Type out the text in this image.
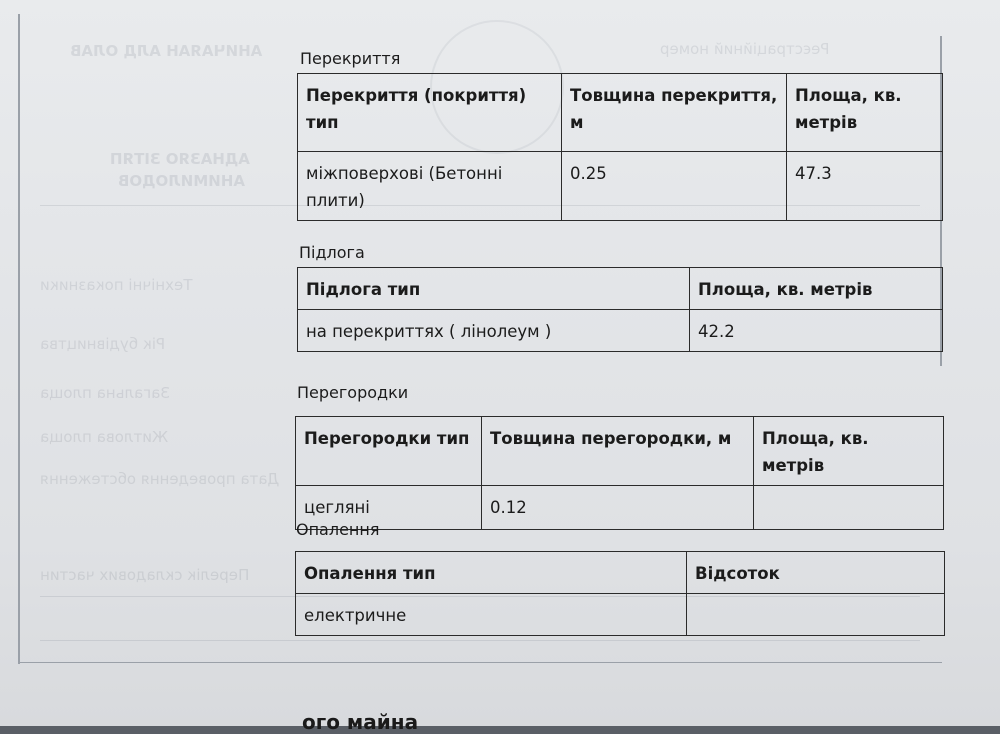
АНИЧАЯАН АЛД ОЛАВ	Реєстраційний номер
АДНАЗЯО ЗІТЯП
АНИМИЛОДОВ
Технічні показники
Рік будівництва
Загальна площа
Житлова площа
Дата проведення обстеження
Перелік складових частин
Перекриття
Перекриття (покриття) тип	Товщина перекриття, м	Площа, кв. метрів
міжповерхові (Бетонні плити)	0.25	47.3
Підлога
Підлога тип	Площа, кв. метрів
на перекриттях ( лінолеум )	42.2
Перегородки
Перегородки тип	Товщина перегородки, м	Площа, кв. метрів
цегляні	0.12	
Опалення
Опалення тип	Відсоток
електричне	
ого майна
